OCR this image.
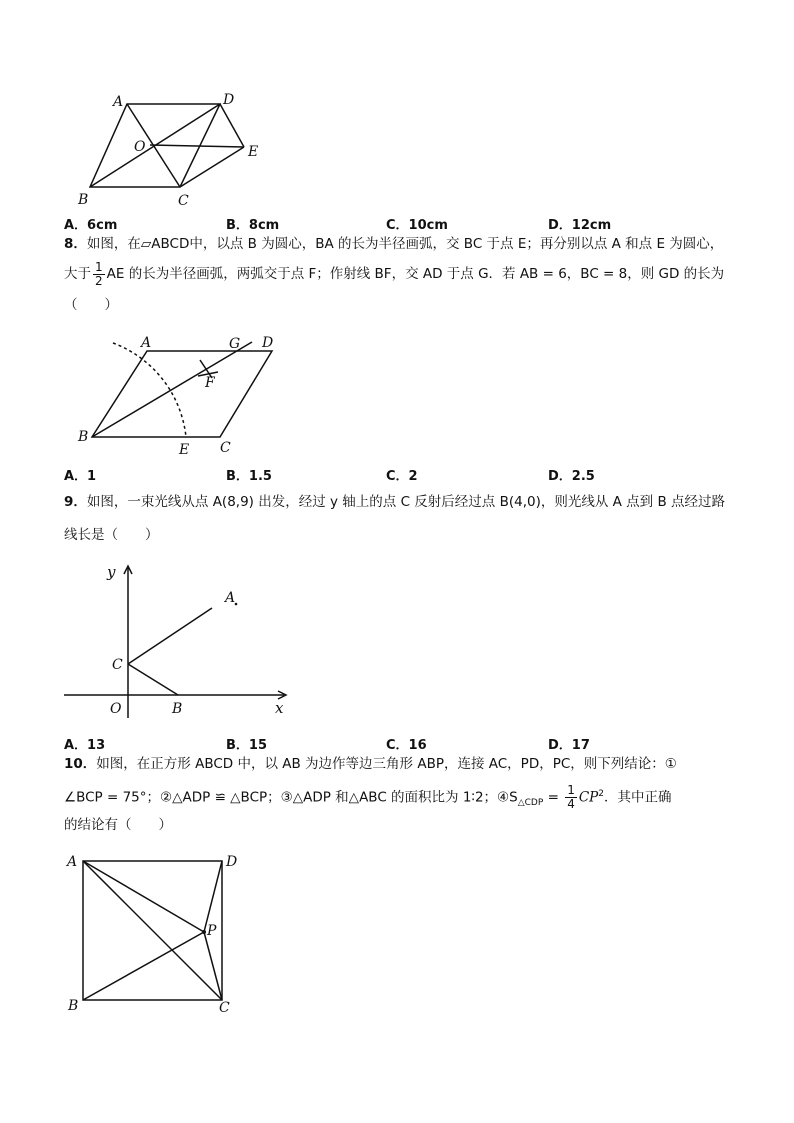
A	D
O	E
B	C
A．6cm	B．8cm	C．10cm	D．12cm
8．如图，在▱ABCD中，以点 B 为圆心，BA 的长为半径画弧，交 BC 于点 E；再分别以点 A 和点 E 为圆心，
大于 $\frac{1}{2}$ AE 的长为半径画弧，两弧交于点 F；作射线 BF，交 AD 于点 G．若 AB = 6，BC = 8，则 GD 的长为
（　　）
A	G D
F
B
E C
A．1	B．1.5	C．2	D．2.5
9．如图，一束光线从点 A(8,9) 出发，经过 y 轴上的点 C 反射后经过点 B(4,0)，则光线从 A 点到 B 点经过路
线长是（　　）
y
A
C
O	B	x
A．13	B．15	C．16	D．17
10．如图，在正方形 ABCD 中，以 AB 为边作等边三角形 ABP，连接 AC，PD，PC，则下列结论：①
∠BCP = 75°；②△ADP ≌ △BCP；③△ADP 和△ABC 的面积比为 1∶2；$④S_{\triangle CDP} = \frac{1}{4} CP^2$．其中正确
的结论有（　　）
A	D
P
B	C
